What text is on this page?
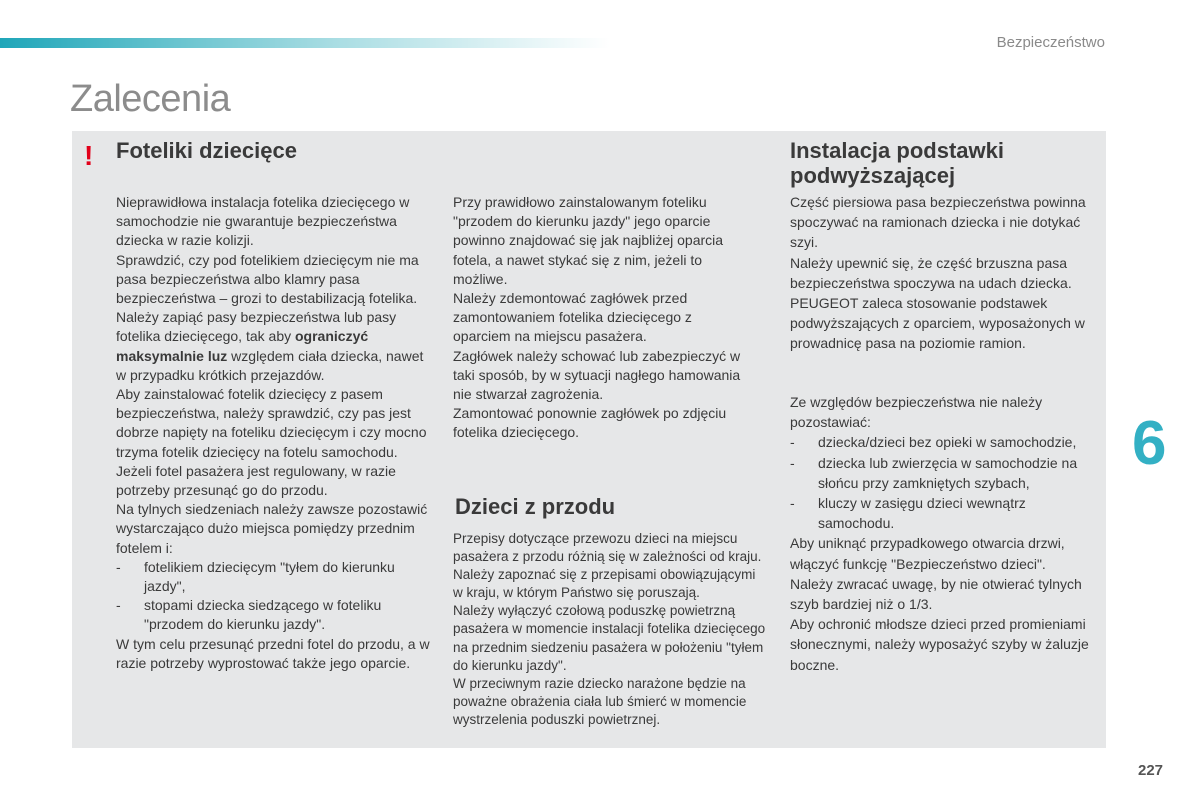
Bezpieczeństwo
Zalecenia
! Foteliki dziecięce

Nieprawidłowa instalacja fotelika dziecięcego w samochodzie nie gwarantuje bezpieczeństwa dziecka w razie kolizji.

Sprawdzić, czy pod fotelikiem dziecięcym nie ma pasa bezpieczeństwa albo klamry pasa bezpieczeństwa – grozi to destabilizacją fotelika.

Należy zapiąć pasy bezpieczeństwa lub pasy fotelika dziecięcego, tak aby ograniczyć maksymalnie luz względem ciała dziecka, nawet w przypadku krótkich przejazdów.

Aby zainstalować fotelik dziecięcy z pasem bezpieczeństwa, należy sprawdzić, czy pas jest dobrze napięty na foteliku dziecięcym i czy mocno trzyma fotelik dziecięcy na fotelu samochodu. Jeżeli fotel pasażera jest regulowany, w razie potrzeby przesunąć go do przodu.

Na tylnych siedzeniach należy zawsze pozostawić wystarczająco dużo miejsca pomiędzy przednim fotelem i:

- fotelikiem dziecięcym "tyłem do kierunku jazdy",

- stopami dziecka siedzącego w foteliku "przodem do kierunku jazdy".

W tym celu przesunąć przedni fotel do przodu, a w razie potrzeby wyprostować także jego oparcie.

Przy prawidłowo zainstalowanym foteliku "przodem do kierunku jazdy" jego oparcie powinno znajdować się jak najbliżej oparcia fotela, a nawet stykać się z nim, jeżeli to możliwe.

Należy zdemontować zagłówek przed zamontowaniem fotelika dziecięcego z oparciem na miejscu pasażera.

Zagłówek należy schować lub zabezpieczyć w taki sposób, by w sytuacji nagłego hamowania nie stwarzał zagrożenia.

Zamontować ponownie zagłówek po zdjęciu fotelika dziecięcego.

Dzieci z przodu

Przepisy dotyczące przewozu dzieci na miejscu pasażera z przodu różnią się w zależności od kraju. Należy zapoznać się z przepisami obowiązującymi w kraju, w którym Państwo się poruszają.

Należy wyłączyć czołową poduszkę powietrzną pasażera w momencie instalacji fotelika dziecięcego na przednim siedzeniu pasażera w położeniu "tyłem do kierunku jazdy".

W przeciwnym razie dziecko narażone będzie na poważne obrażenia ciała lub śmierć w momencie wystrzelenia poduszki powietrznej.

Instalacja podstawki
podwyższającej

Część piersiowa pasa bezpieczeństwa powinna spoczywać na ramionach dziecka i nie dotykać szyi.

Należy upewnić się, że część brzuszna pasa bezpieczeństwa spoczywa na udach dziecka.

PEUGEOT zaleca stosowanie podstawek podwyższających z oparciem, wyposażonych w prowadnicę pasa na poziomie ramion.

Ze względów bezpieczeństwa nie należy pozostawiać:

- dziecka/dzieci bez opieki w samochodzie,

- dziecka lub zwierzęcia w samochodzie na słońcu przy zamkniętych szybach,

- kluczy w zasięgu dzieci wewnątrz samochodu.

Aby uniknąć przypadkowego otwarcia drzwi, włączyć funkcję "Bezpieczeństwo dzieci".

Należy zwracać uwagę, by nie otwierać tylnych szyb bardziej niż o 1/3.

Aby ochronić młodsze dzieci przed promieniami słonecznymi, należy wyposażyć szyby w żaluzje boczne.

6
227
